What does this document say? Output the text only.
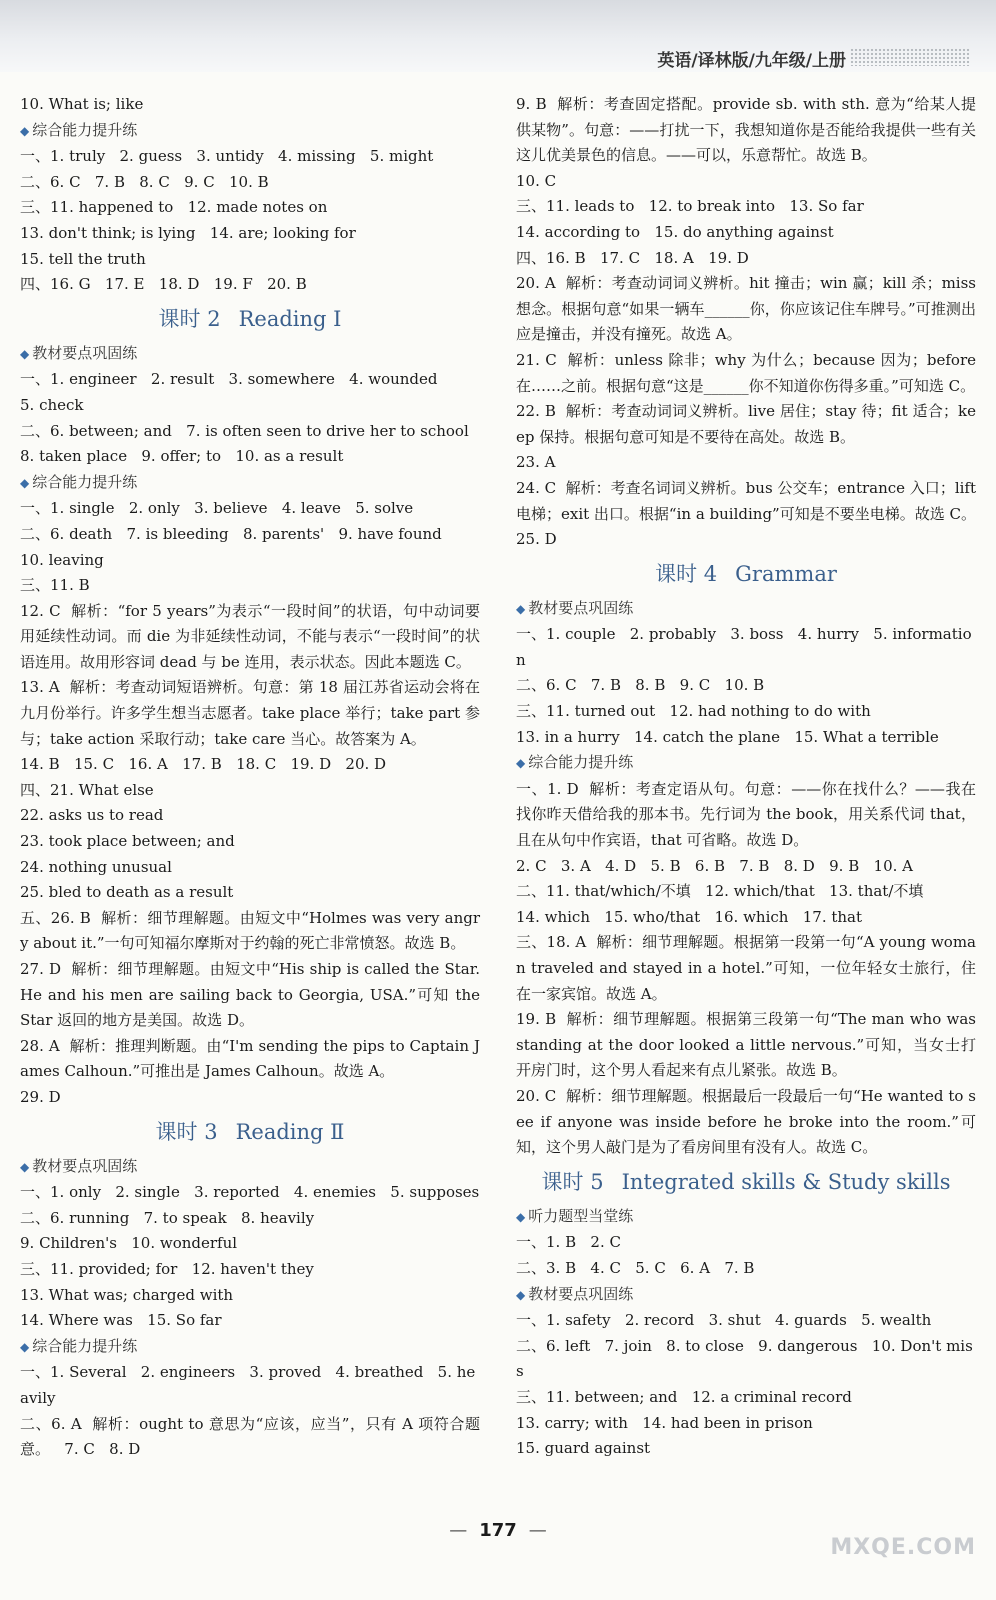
英语/译林版/九年级/上册

10. What is; like

◆ 综合能力提升练

一、1. truly   2. guess   3. untidy   4. missing   5. might

二、6. C   7. B   8. C   9. C   10. B

三、11. happened to   12. made notes on

13. don't think; is lying   14. are; looking for

15. tell the truth

四、16. G   17. E   18. D   19. F   20. B

课时 2 Reading Ⅰ
◆ 教材要点巩固练

一、1. engineer   2. result   3. somewhere   4. wounded

5. check

二、6. between; and   7. is often seen to drive her to school

8. taken place   9. offer; to   10. as a result

◆ 综合能力提升练

一、1. single   2. only   3. believe   4. leave   5. solve

二、6. death   7. is bleeding   8. parents'   9. have found

10. leaving

三、11. B

12. C  解析：“for 5 years”为表示“一段时间”的状语，句中动词要用延续性动词。而 die 为非延续性动词，不能与表示“一段时间”的状语连用。故用形容词 dead 与 be 连用，表示状态。因此本题选 C。

13. A  解析：考查动词短语辨析。句意：第 18 届江苏省运动会将在九月份举行。许多学生想当志愿者。take place 举行；take part 参与；take action 采取行动；take care 当心。故答案为 A。

14. B   15. C   16. A   17. B   18. C   19. D   20. D

四、21. What else

22. asks us to read

23. took place between; and

24. nothing unusual

25. bled to death as a result

五、26. B  解析：细节理解题。由短文中“Holmes was very angry about it.”一句可知福尔摩斯对于约翰的死亡非常愤怒。故选 B。

27. D  解析：细节理解题。由短文中“His ship is called the Star. He and his men are sailing back to Georgia, USA.”可知 the Star 返回的地方是美国。故选 D。

28. A  解析：推理判断题。由“I'm sending the pips to Captain James Calhoun.”可推出是 James Calhoun。故选 A。

29. D

课时 3 Reading Ⅱ
◆ 教材要点巩固练

一、1. only   2. single   3. reported   4. enemies   5. supposes

二、6. running   7. to speak   8. heavily

9. Children's   10. wonderful

三、11. provided; for   12. haven't they

13. What was; charged with

14. Where was   15. So far

◆ 综合能力提升练

一、1. Several   2. engineers   3. proved   4. breathed   5. heavily

二、6. A  解析：ought to 意思为“应该，应当”，只有 A 项符合题意。   7. C   8. D

9. B  解析：考查固定搭配。provide sb. with sth. 意为“给某人提供某物”。句意：——打扰一下，我想知道你是否能给我提供一些有关这儿优美景色的信息。——可以，乐意帮忙。故选 B。

10. C

三、11. leads to   12. to break into   13. So far

14. according to   15. do anything against

四、16. B   17. C   18. A   19. D

20. A  解析：考查动词词义辨析。hit 撞击；win 赢；kill 杀；miss 想念。根据句意“如果一辆车______你，你应该记住车牌号。”可推测出应是撞击，并没有撞死。故选 A。

21. C  解析：unless 除非；why 为什么；because 因为；before 在……之前。根据句意“这是______你不知道你伤得多重。”可知选 C。

22. B  解析：考查动词词义辨析。live 居住；stay 待；fit 适合；keep 保持。根据句意可知是不要待在高处。故选 B。

23. A

24. C  解析：考查名词词义辨析。bus 公交车；entrance 入口；lift 电梯；exit 出口。根据“in a building”可知是不要坐电梯。故选 C。   25. D

课时 4 Grammar
◆ 教材要点巩固练

一、1. couple   2. probably   3. boss   4. hurry   5. information

二、6. C   7. B   8. B   9. C   10. B

三、11. turned out   12. had nothing to do with

13. in a hurry   14. catch the plane   15. What a terrible

◆ 综合能力提升练

一、1. D  解析：考查定语从句。句意：——你在找什么？——我在找你昨天借给我的那本书。先行词为 the book，用关系代词 that，且在从句中作宾语，that 可省略。故选 D。

2. C   3. A   4. D   5. B   6. B   7. B   8. D   9. B   10. A

二、11. that/which/不填   12. which/that   13. that/不填

14. which   15. who/that   16. which   17. that

三、18. A  解析：细节理解题。根据第一段第一句“A young woman traveled and stayed in a hotel.”可知，一位年轻女士旅行，住在一家宾馆。故选 A。

19. B  解析：细节理解题。根据第三段第一句“The man who was standing at the door looked a little nervous.”可知，当女士打开房门时，这个男人看起来有点儿紧张。故选 B。

20. C  解析：细节理解题。根据最后一段最后一句“He wanted to see if anyone was inside before he broke into the room.”可知，这个男人敲门是为了看房间里有没有人。故选 C。

课时 5 Integrated skills & Study skills
◆ 听力题型当堂练

一、1. B   2. C

二、3. B   4. C   5. C   6. A   7. B

◆ 教材要点巩固练

一、1. safety   2. record   3. shut   4. guards   5. wealth

二、6. left   7. join   8. to close   9. dangerous   10. Don't miss

三、11. between; and   12. a criminal record

13. carry; with   14. had been in prison

15. guard against

— 177 —
MXQE.COM
